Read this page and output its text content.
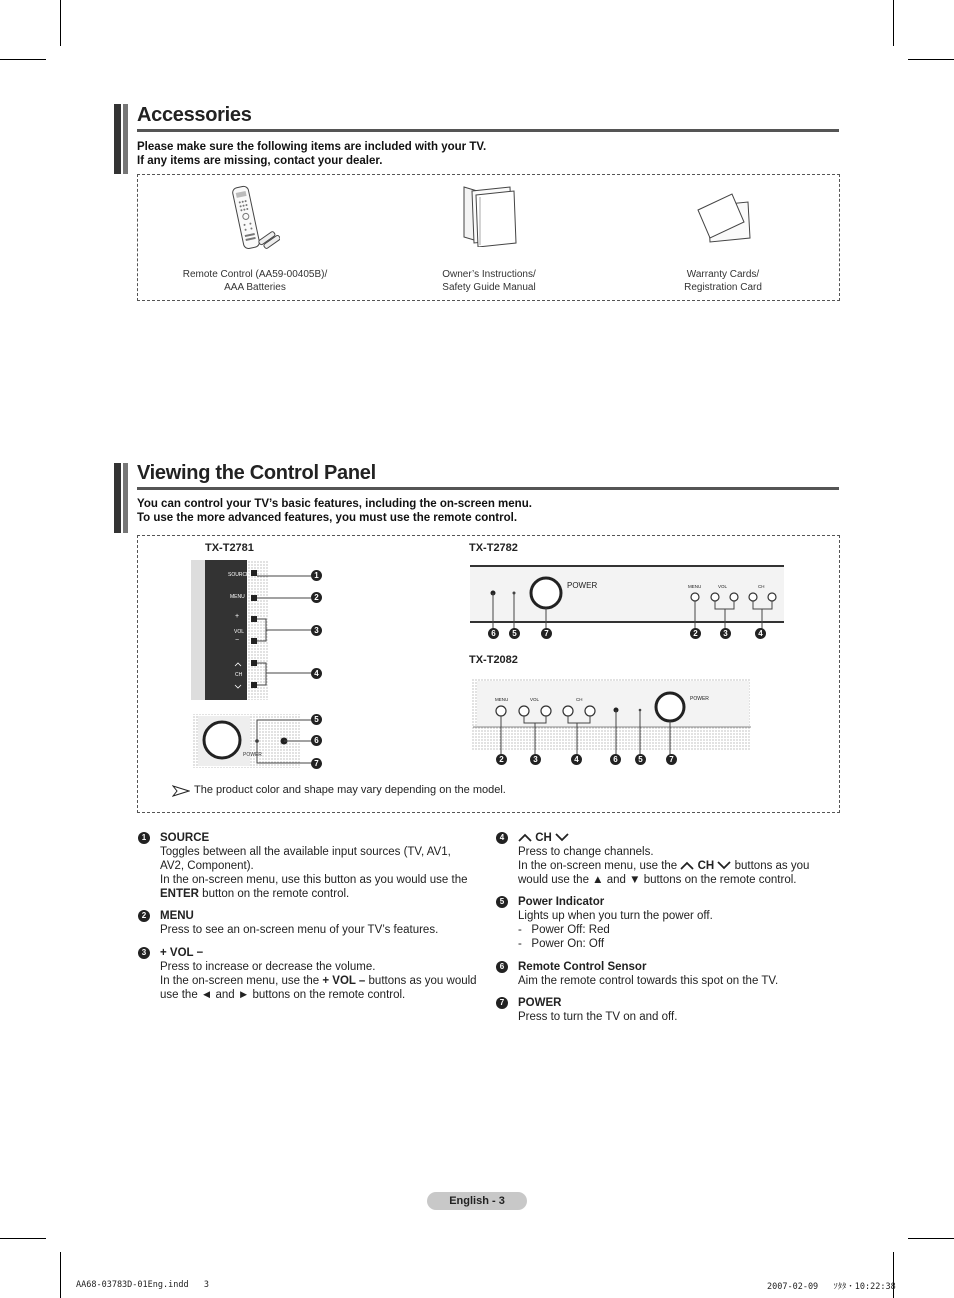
Accessories
Please make sure the following items are included with your TV.
If any items are missing, contact your dealer.
Remote Control (AA59-00405B)/
AAA Batteries
Owner’s Instructions/
Safety Guide Manual
Warranty Cards/
Registration Card
Viewing the Control Panel
You can control your TV’s basic features, including the on-screen menu.
To use the more advanced features, you must use the remote control.
TX-T2781	TX-T2782
TX-T2082
SOURCE
MENU
+
VOL
−
CH
1
2
3
4
POWER
5
6
7
POWER	MENU	VOL	CH
6	5	7	2	3	4
MENU	VOL	CH	POWER
2	3	4	6	5	7
The product color and shape may vary depending on the model.
1	SOURCE
Toggles between all the available input sources (TV, AV1,
AV2, Component).
In the on-screen menu, use this button as you would use the
ENTER button on the remote control.
2	MENU
Press to see an on-screen menu of your TV’s features.
3	+ VOL −
Press to increase or decrease the volume.
In the on-screen menu, use the + VOL – buttons as you would
use the ◄ and ► buttons on the remote control.
4	CH
Press to change channels.
In the on-screen menu, use the  CH  buttons as you
would use the ▲ and ▼ buttons on the remote control.
5	Power Indicator
Lights up when you turn the power off.
-   Power Off: Red
-   Power On: Off
6	Remote Control Sensor
Aim the remote control towards this spot on the TV.
7	POWER
Press to turn the TV on and off.
English - 3
AA68-03783D-01Eng.indd   3	2007-02-09   ｿﾀﾀ・10:22:38
